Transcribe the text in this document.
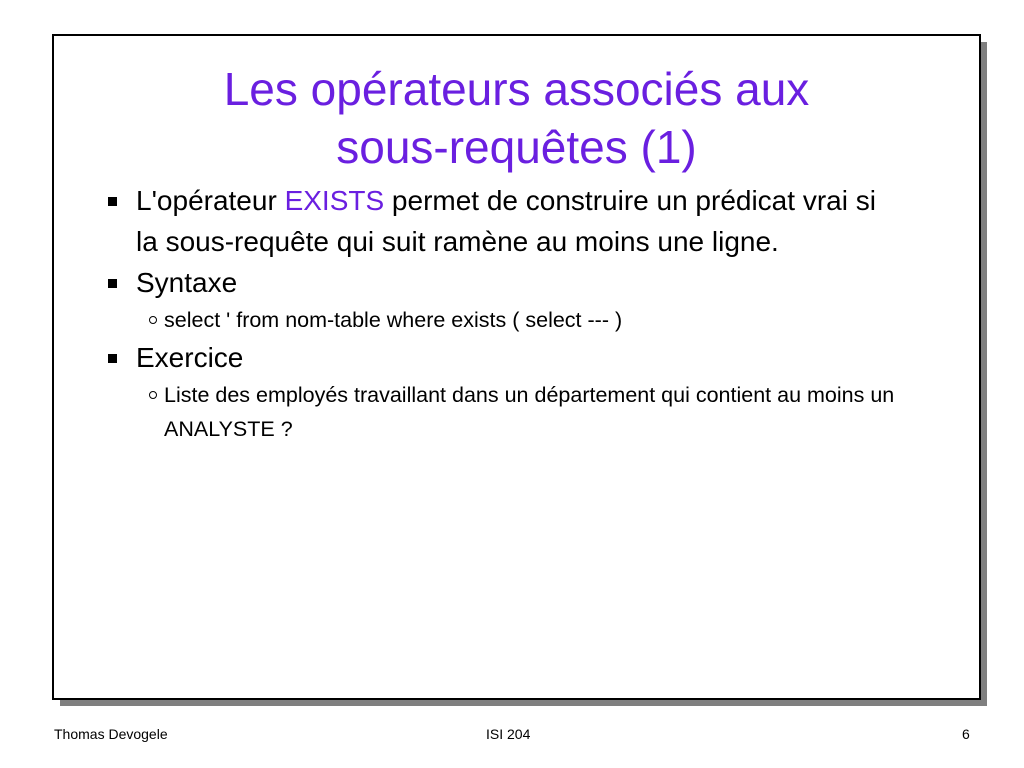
Les opérateurs associés aux
sous-requêtes (1)
L'opérateur EXISTS permet de construire un prédicat vrai si la sous-requête qui suit ramène au moins une ligne.
Syntaxe
select ' from nom-table where exists ( select --- )
Exercice
Liste des employés travaillant dans un département qui contient au moins un ANALYSTE ?
Thomas Devogele	ISI 204	6
